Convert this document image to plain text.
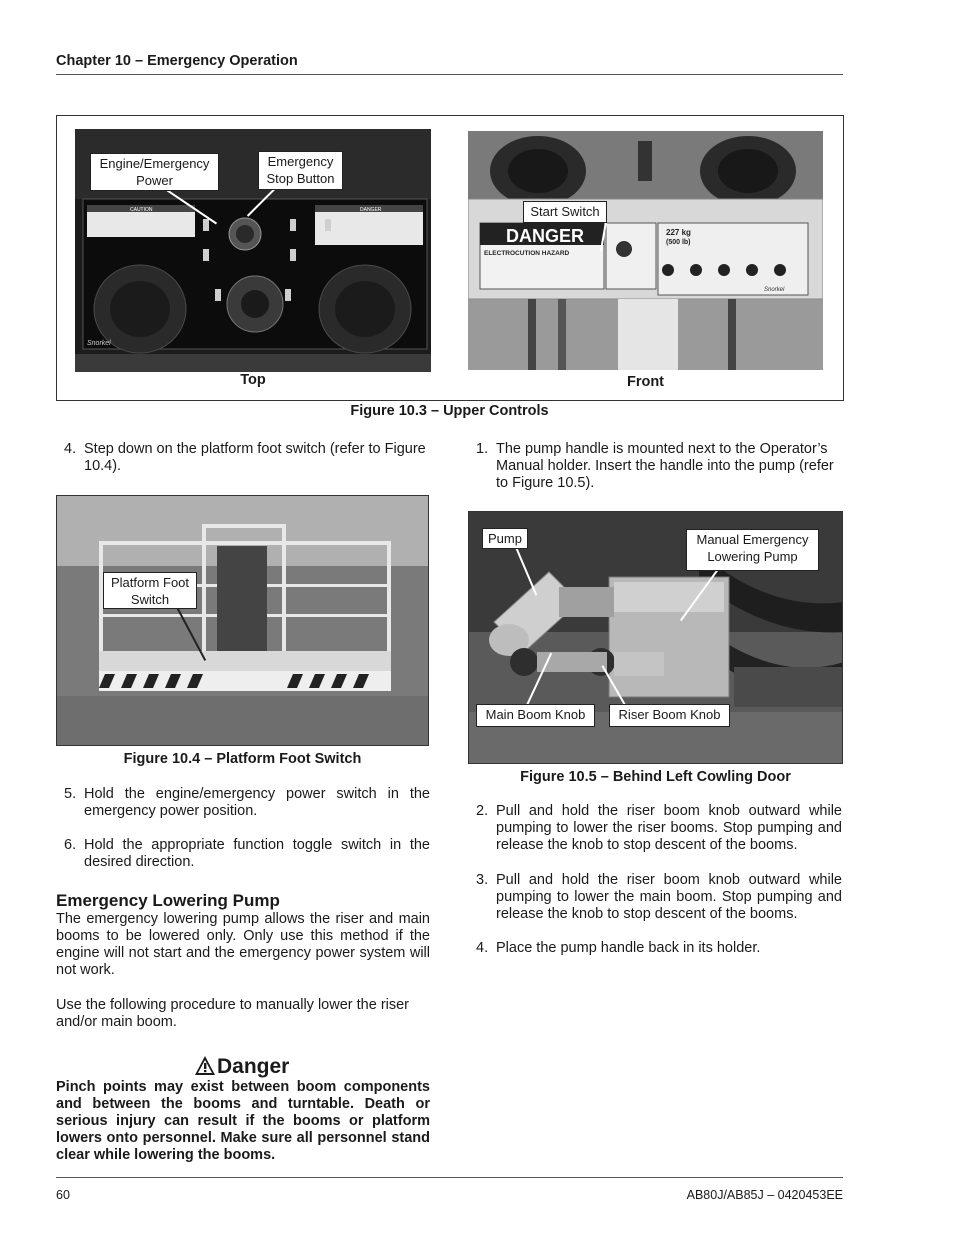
Chapter 10 – Emergency Operation
CAUTION	DANGER
Snorkel
Engine/Emergency Power
Emergency Stop Button
DANGER
ELECTROCUTION HAZARD
227 kg
(500 lb)
Snorkel
Start Switch
Top	Front
Figure 10.3 – Upper Controls
4. Step down on the platform foot switch (refer to Figure 10.4).
Platform Foot Switch
Figure 10.4 – Platform Foot Switch
5. Hold the engine/emergency power switch in the emergency power position.
6. Hold the appropriate function toggle switch in the desired direction.
Emergency Lowering Pump
The emergency lowering pump allows the riser and main booms to be lowered only. Only use this method if the engine will not start and the emergency power system will not work.
Use the following procedure to manually lower the riser and/or main boom.
Danger
Pinch points may exist between boom components and between the booms and turntable. Death or serious injury can result if the booms or platform lowers onto personnel. Make sure all personnel stand clear while lowering the booms.
1. The pump handle is mounted next to the Operator’s Manual holder. Insert the handle into the pump (refer to Figure 10.5).
Pump	Manual Emergency Lowering Pump
Main Boom Knob	Riser Boom Knob
Figure 10.5 – Behind Left Cowling Door
2. Pull and hold the riser boom knob outward while pumping to lower the riser booms. Stop pumping and release the knob to stop descent of the booms.
3. Pull and hold the riser boom knob outward while pumping to lower the main boom. Stop pumping and release the knob to stop descent of the booms.
4. Place the pump handle back in its holder.
60	AB80J/AB85J – 0420453EE
